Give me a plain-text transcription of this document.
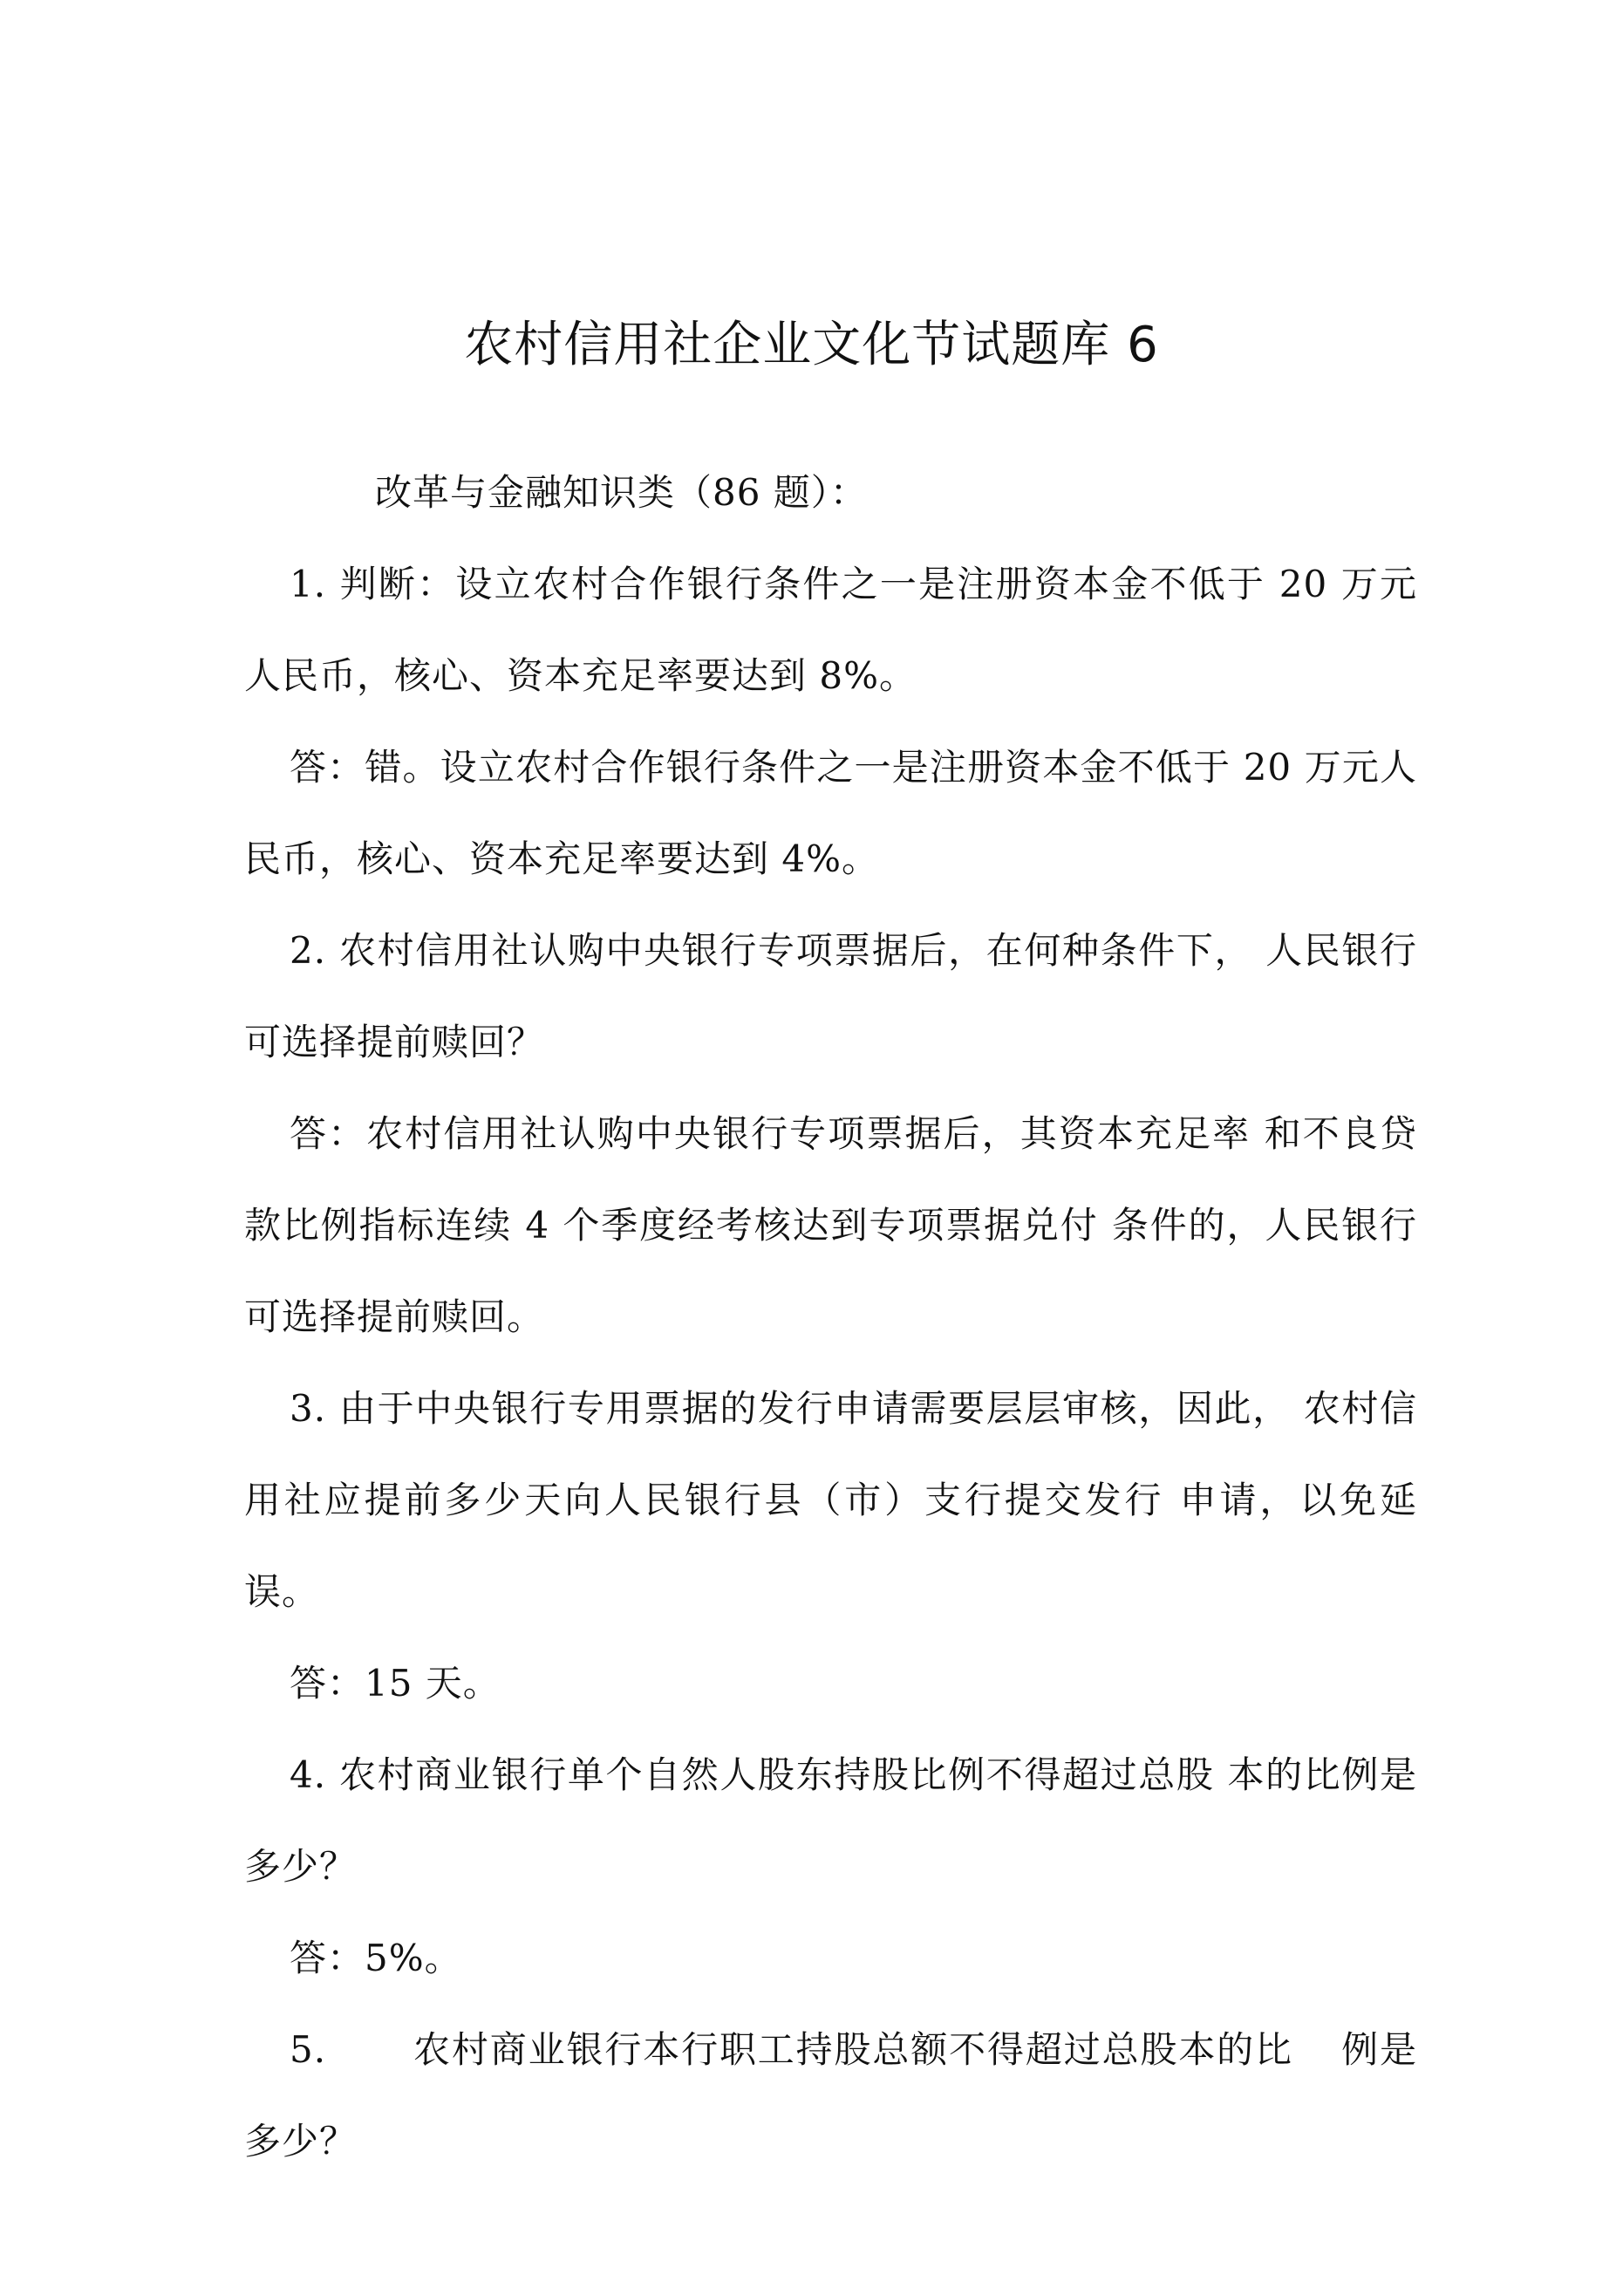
农村信用社企业文化节试题库 6

改革与金融知识类（86 题）：

1. 判断：设立农村合作银行条件之一是注册资本金不低于 20 万元人民币，核心、资本充足率要达到 8%。

答：错。设立农村合作银行条件之一是注册资本金不低于 20 万元人民币，核心、资本充足率要达到 4%。

2. 农村信用社认购中央银行专项票据后，在何种条件下， 人民银行可选择提前赎回？

答：农村信用社认购中央银行专项票据后，其资本充足率 和不良贷款比例指标连续 4 个季度经考核达到专项票据兑付 条件的，人民银行可选择提前赎回。

3. 由于中央银行专用票据的发行申请需要层层审核，因此， 农村信用社应提前多少天向人民银行县（市）支行提交发行 申请，以免延误。

答：15 天。

4. 农村商业银行单个自然人股东持股比例不得超过总股 本的比例是多少？

答：5%。

5.　 农村商业银行本行职工持股总额不得超过总股本的比 例是多少？
